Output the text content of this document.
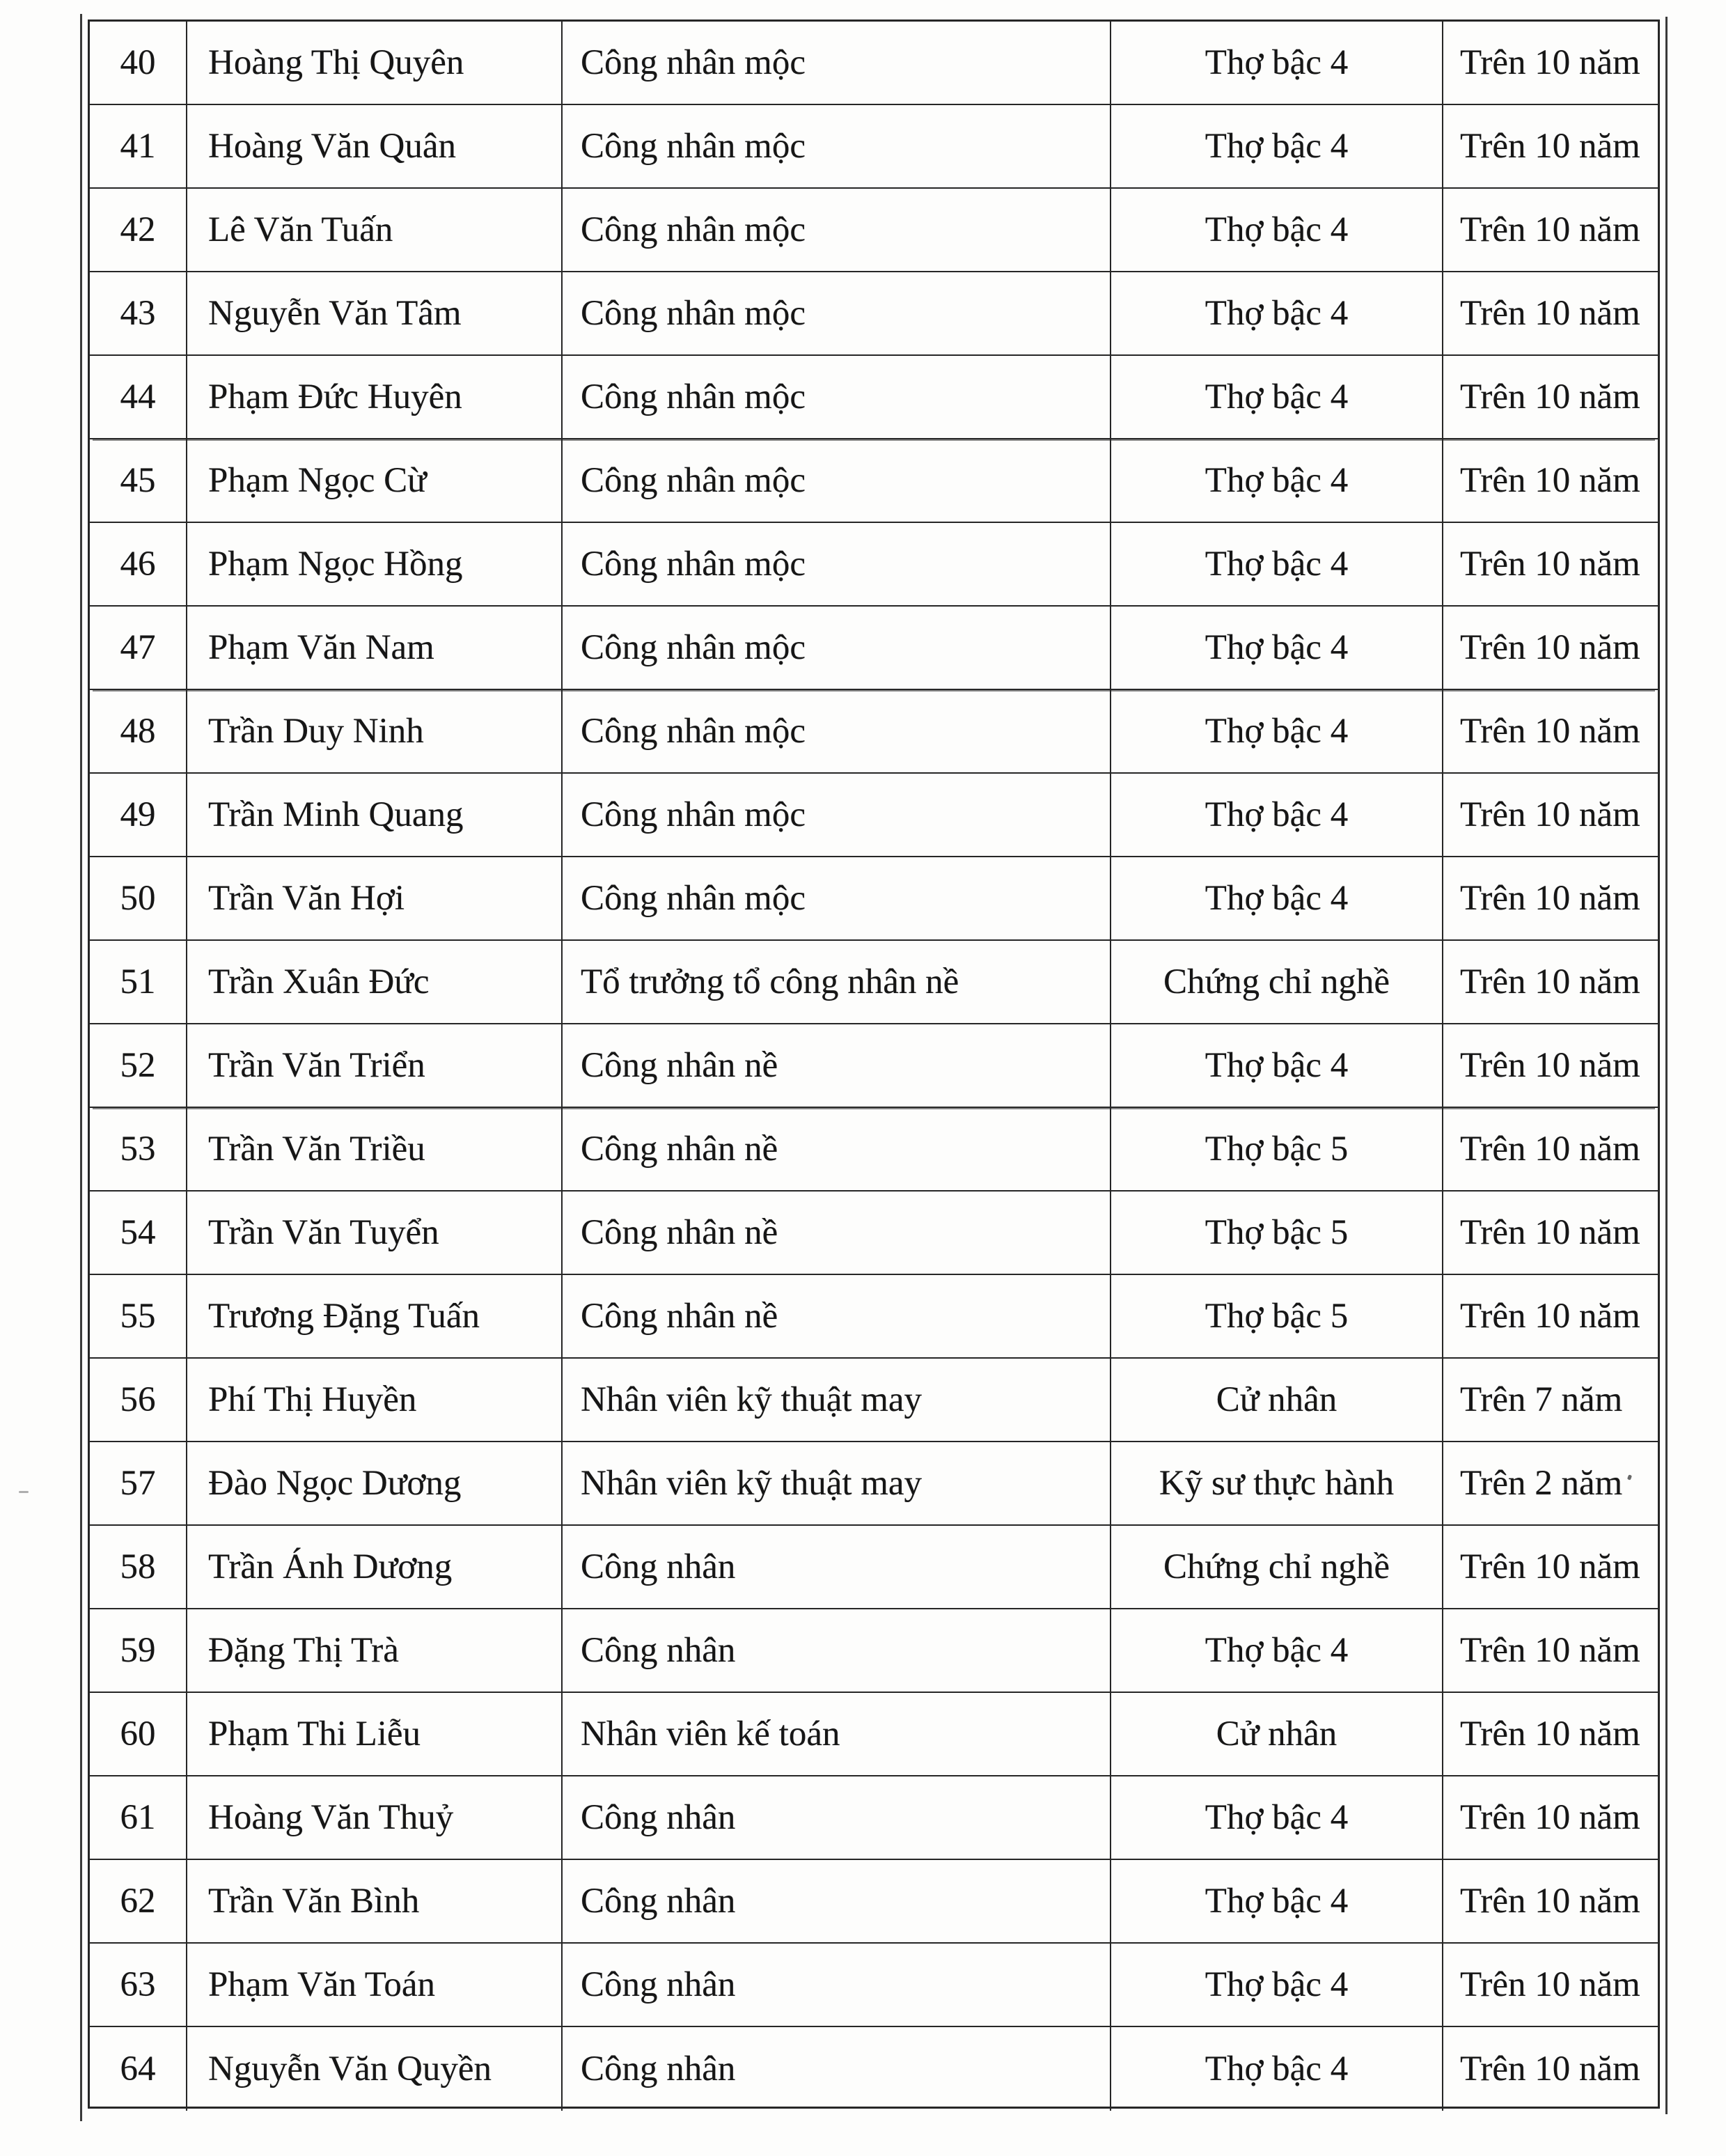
40	Hoàng Thị Quyên	Công nhân mộc	Thợ bậc 4	Trên 10 năm
41	Hoàng Văn Quân	Công nhân mộc	Thợ bậc 4	Trên 10 năm
42	Lê Văn Tuấn	Công nhân mộc	Thợ bậc 4	Trên 10 năm
43	Nguyễn Văn Tâm	Công nhân mộc	Thợ bậc 4	Trên 10 năm
44	Phạm Đức Huyên	Công nhân mộc	Thợ bậc 4	Trên 10 năm
45	Phạm Ngọc Cừ	Công nhân mộc	Thợ bậc 4	Trên 10 năm
46	Phạm Ngọc Hồng	Công nhân mộc	Thợ bậc 4	Trên 10 năm
47	Phạm Văn Nam	Công nhân mộc	Thợ bậc 4	Trên 10 năm
48	Trần Duy Ninh	Công nhân mộc	Thợ bậc 4	Trên 10 năm
49	Trần Minh Quang	Công nhân mộc	Thợ bậc 4	Trên 10 năm
50	Trần Văn Hợi	Công nhân mộc	Thợ bậc 4	Trên 10 năm
51	Trần Xuân Đức	Tổ trưởng tổ công nhân nề	Chứng chỉ nghề	Trên 10 năm
52	Trần Văn Triển	Công nhân nề	Thợ bậc 4	Trên 10 năm
53	Trần Văn Triều	Công nhân nề	Thợ bậc 5	Trên 10 năm
54	Trần Văn Tuyển	Công nhân nề	Thợ bậc 5	Trên 10 năm
55	Trương Đặng Tuấn	Công nhân nề	Thợ bậc 5	Trên 10 năm
56	Phí Thị Huyền	Nhân viên kỹ thuật may	Cử nhân	Trên 7 năm
57	Đào Ngọc Dương	Nhân viên kỹ thuật may	Kỹ sư thực hành	Trên 2 năm
58	Trần Ánh Dương	Công nhân	Chứng chỉ nghề	Trên 10 năm
59	Đặng Thị Trà	Công nhân	Thợ bậc 4	Trên 10 năm
60	Phạm Thi Liễu	Nhân viên kế toán	Cử nhân	Trên 10 năm
61	Hoàng Văn Thuỷ	Công nhân	Thợ bậc 4	Trên 10 năm
62	Trần Văn Bình	Công nhân	Thợ bậc 4	Trên 10 năm
63	Phạm Văn Toán	Công nhân	Thợ bậc 4	Trên 10 năm
64	Nguyễn Văn Quyền	Công nhân	Thợ bậc 4	Trên 10 năm
